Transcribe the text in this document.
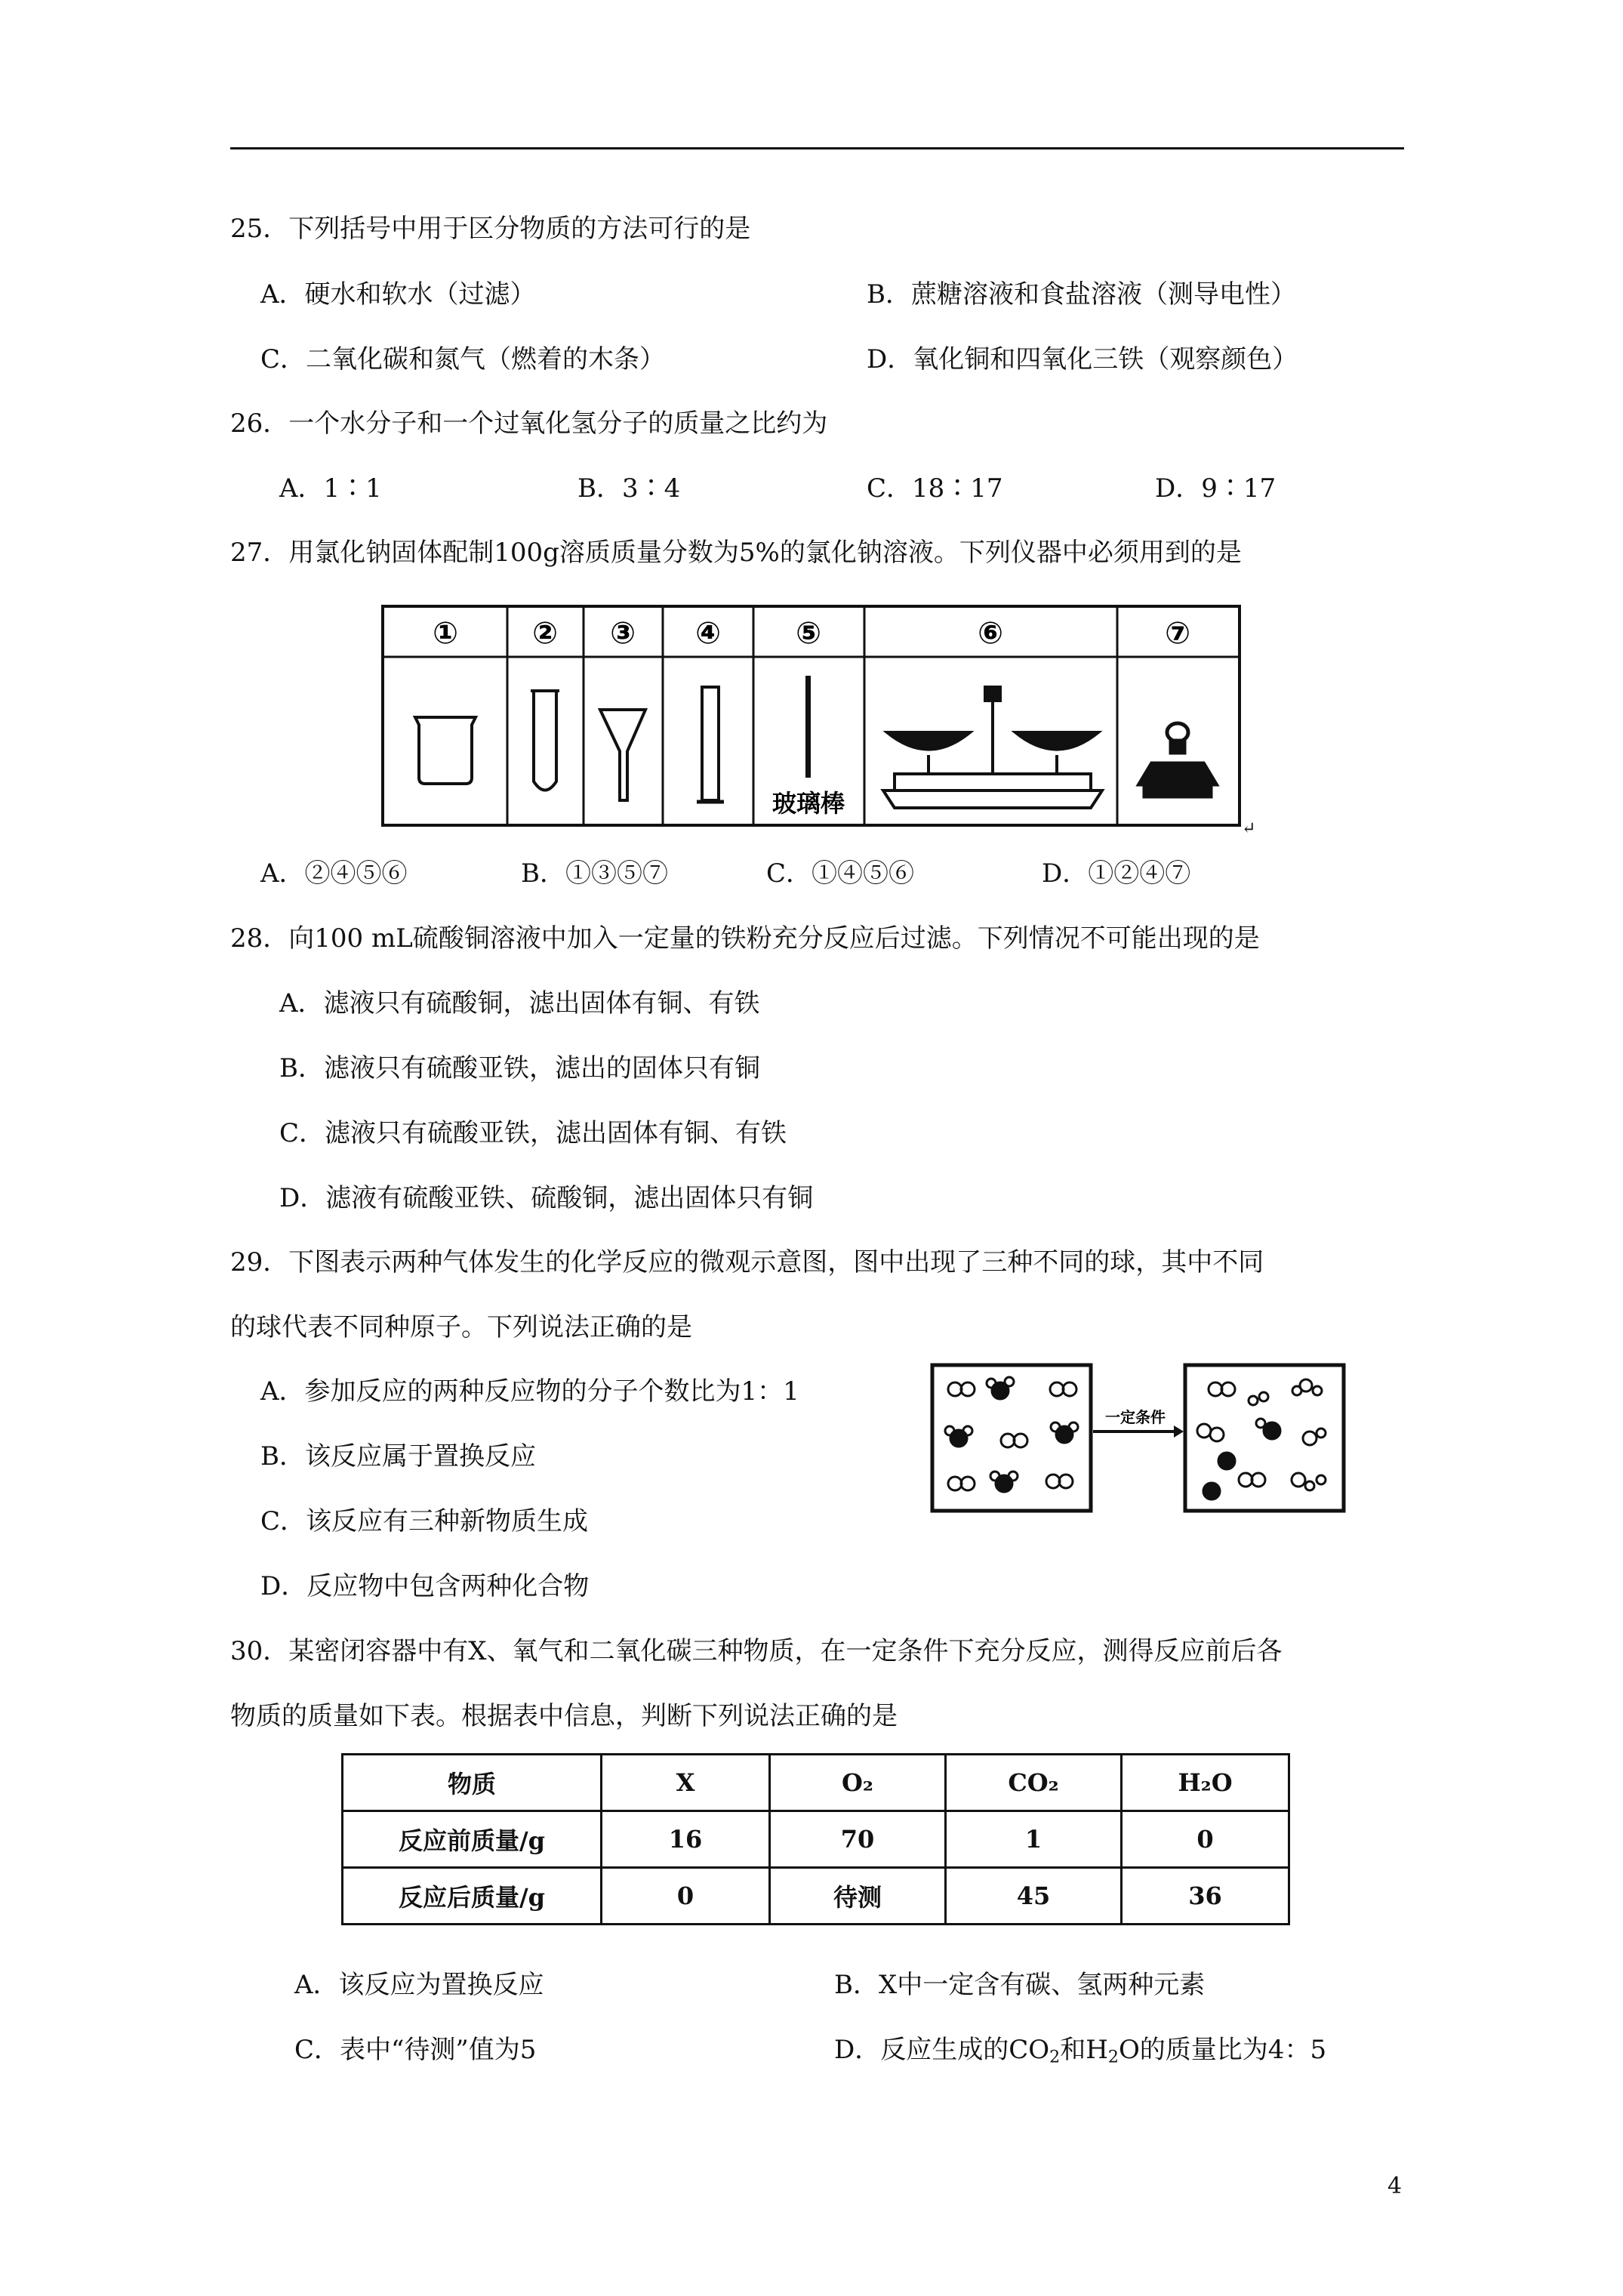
25．下列括号中用于区分物质的方法可行的是
A．硬水和软水（过滤）	B．蔗糖溶液和食盐溶液（测导电性）
C．二氧化碳和氮气（燃着的木条）	D．氧化铜和四氧化三铁（观察颜色）
26．一个水分子和一个过氧化氢分子的质量之比约为
A．1∶1	B．3∶4	C．18∶17	D．9∶17
27．用氯化钠固体配制100g溶质质量分数为5%的氯化钠溶液。下列仪器中必须用到的是
① ② ③ ④ ⑤	⑥	⑦
玻璃棒
↵
A．②④⑤⑥	B．①③⑤⑦	C．①④⑤⑥	D．①②④⑦
28．向100 mL硫酸铜溶液中加入一定量的铁粉充分反应后过滤。下列情况不可能出现的是
A．滤液只有硫酸铜，滤出固体有铜、有铁
B．滤液只有硫酸亚铁，滤出的固体只有铜
C．滤液只有硫酸亚铁，滤出固体有铜、有铁
D．滤液有硫酸亚铁、硫酸铜，滤出固体只有铜
29．下图表示两种气体发生的化学反应的微观示意图，图中出现了三种不同的球，其中不同
的球代表不同种原子。下列说法正确的是
A．参加反应的两种反应物的分子个数比为1：1
B．该反应属于置换反应
C．该反应有三种新物质生成
D．反应物中包含两种化合物
一定条件
30．某密闭容器中有X、氧气和二氧化碳三种物质，在一定条件下充分反应，测得反应前后各
物质的质量如下表。根据表中信息，判断下列说法正确的是
物质	X	O₂	CO₂	H₂O
反应前质量/g	16	70	1	0
反应后质量/g	0	待测	45	36
A．该反应为置换反应	B．X中一定含有碳、氢两种元素
C．表中“待测”值为5	D．反应生成的$CO_2$和$H_2O$的质量比为4：5
4
